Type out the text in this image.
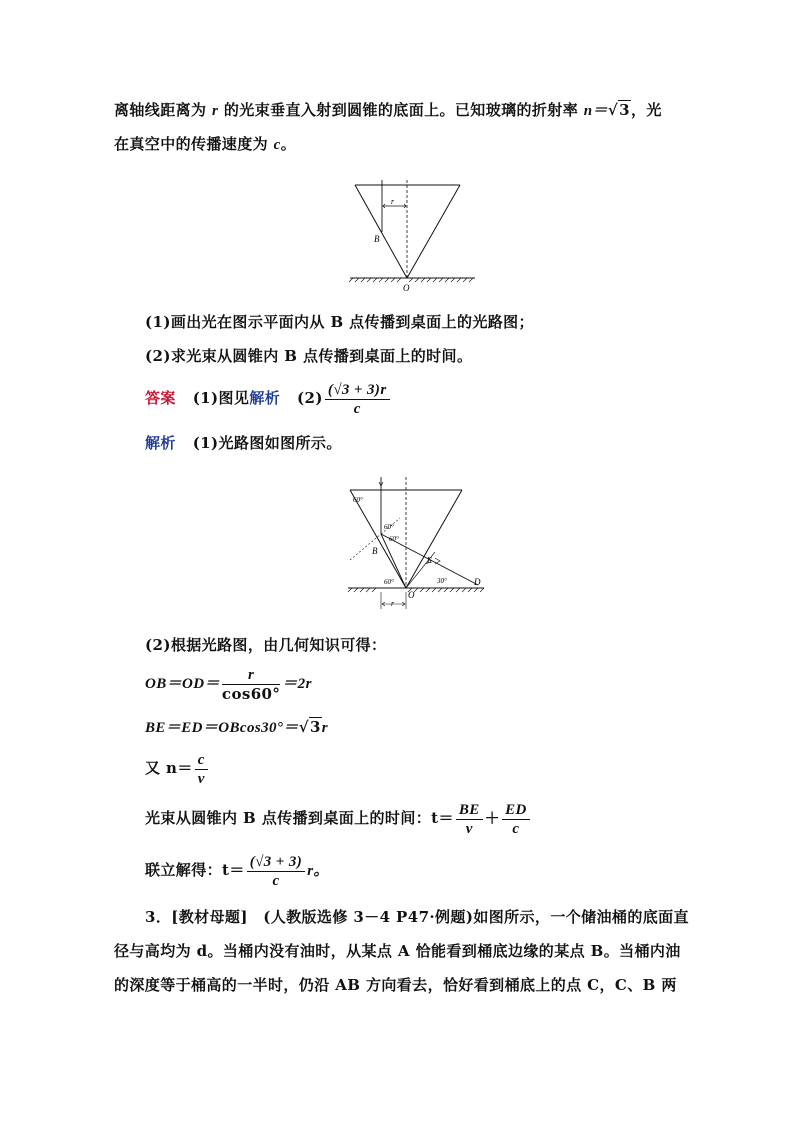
离轴线距离为 r 的光束垂直入射到圆锥的底面上。已知玻璃的折射率 n＝√3，光
在真空中的传播速度为 c。
r
B
O
(1)画出光在图示平面内从 B 点传播到桌面上的光路图；
(2)求光束从圆锥内 B 点传播到桌面上的时间。
答案 (1)图见解析 $(2) \frac{(√3 + 3)r}{c}$
解析 (1)光路图如图所示。
60°
60°
60°
60°	30°
B
E
D
O
r
(2)根据光路图，由几何知识可得：
$OB=OD= \frac{r}{\cos 60^\circ} =2r$
BE＝ED＝OBcos30°＝√3r
又 $n= \frac{c}{v}$
光束从圆锥内 B 点传播到桌面上的时间：$t= \frac{BE}{v} + \frac{ED}{c}$
联立解得：$t= \frac{(√3 + 3)}{c}$ r。
3．[教材母题]　(人教版选修 3－4 P47·例题)如图所示，一个储油桶的底面直
径与高均为 d。当桶内没有油时，从某点 A 恰能看到桶底边缘的某点 B。当桶内油
的深度等于桶高的一半时，仍沿 AB 方向看去，恰好看到桶底上的点 C，C、B 两
